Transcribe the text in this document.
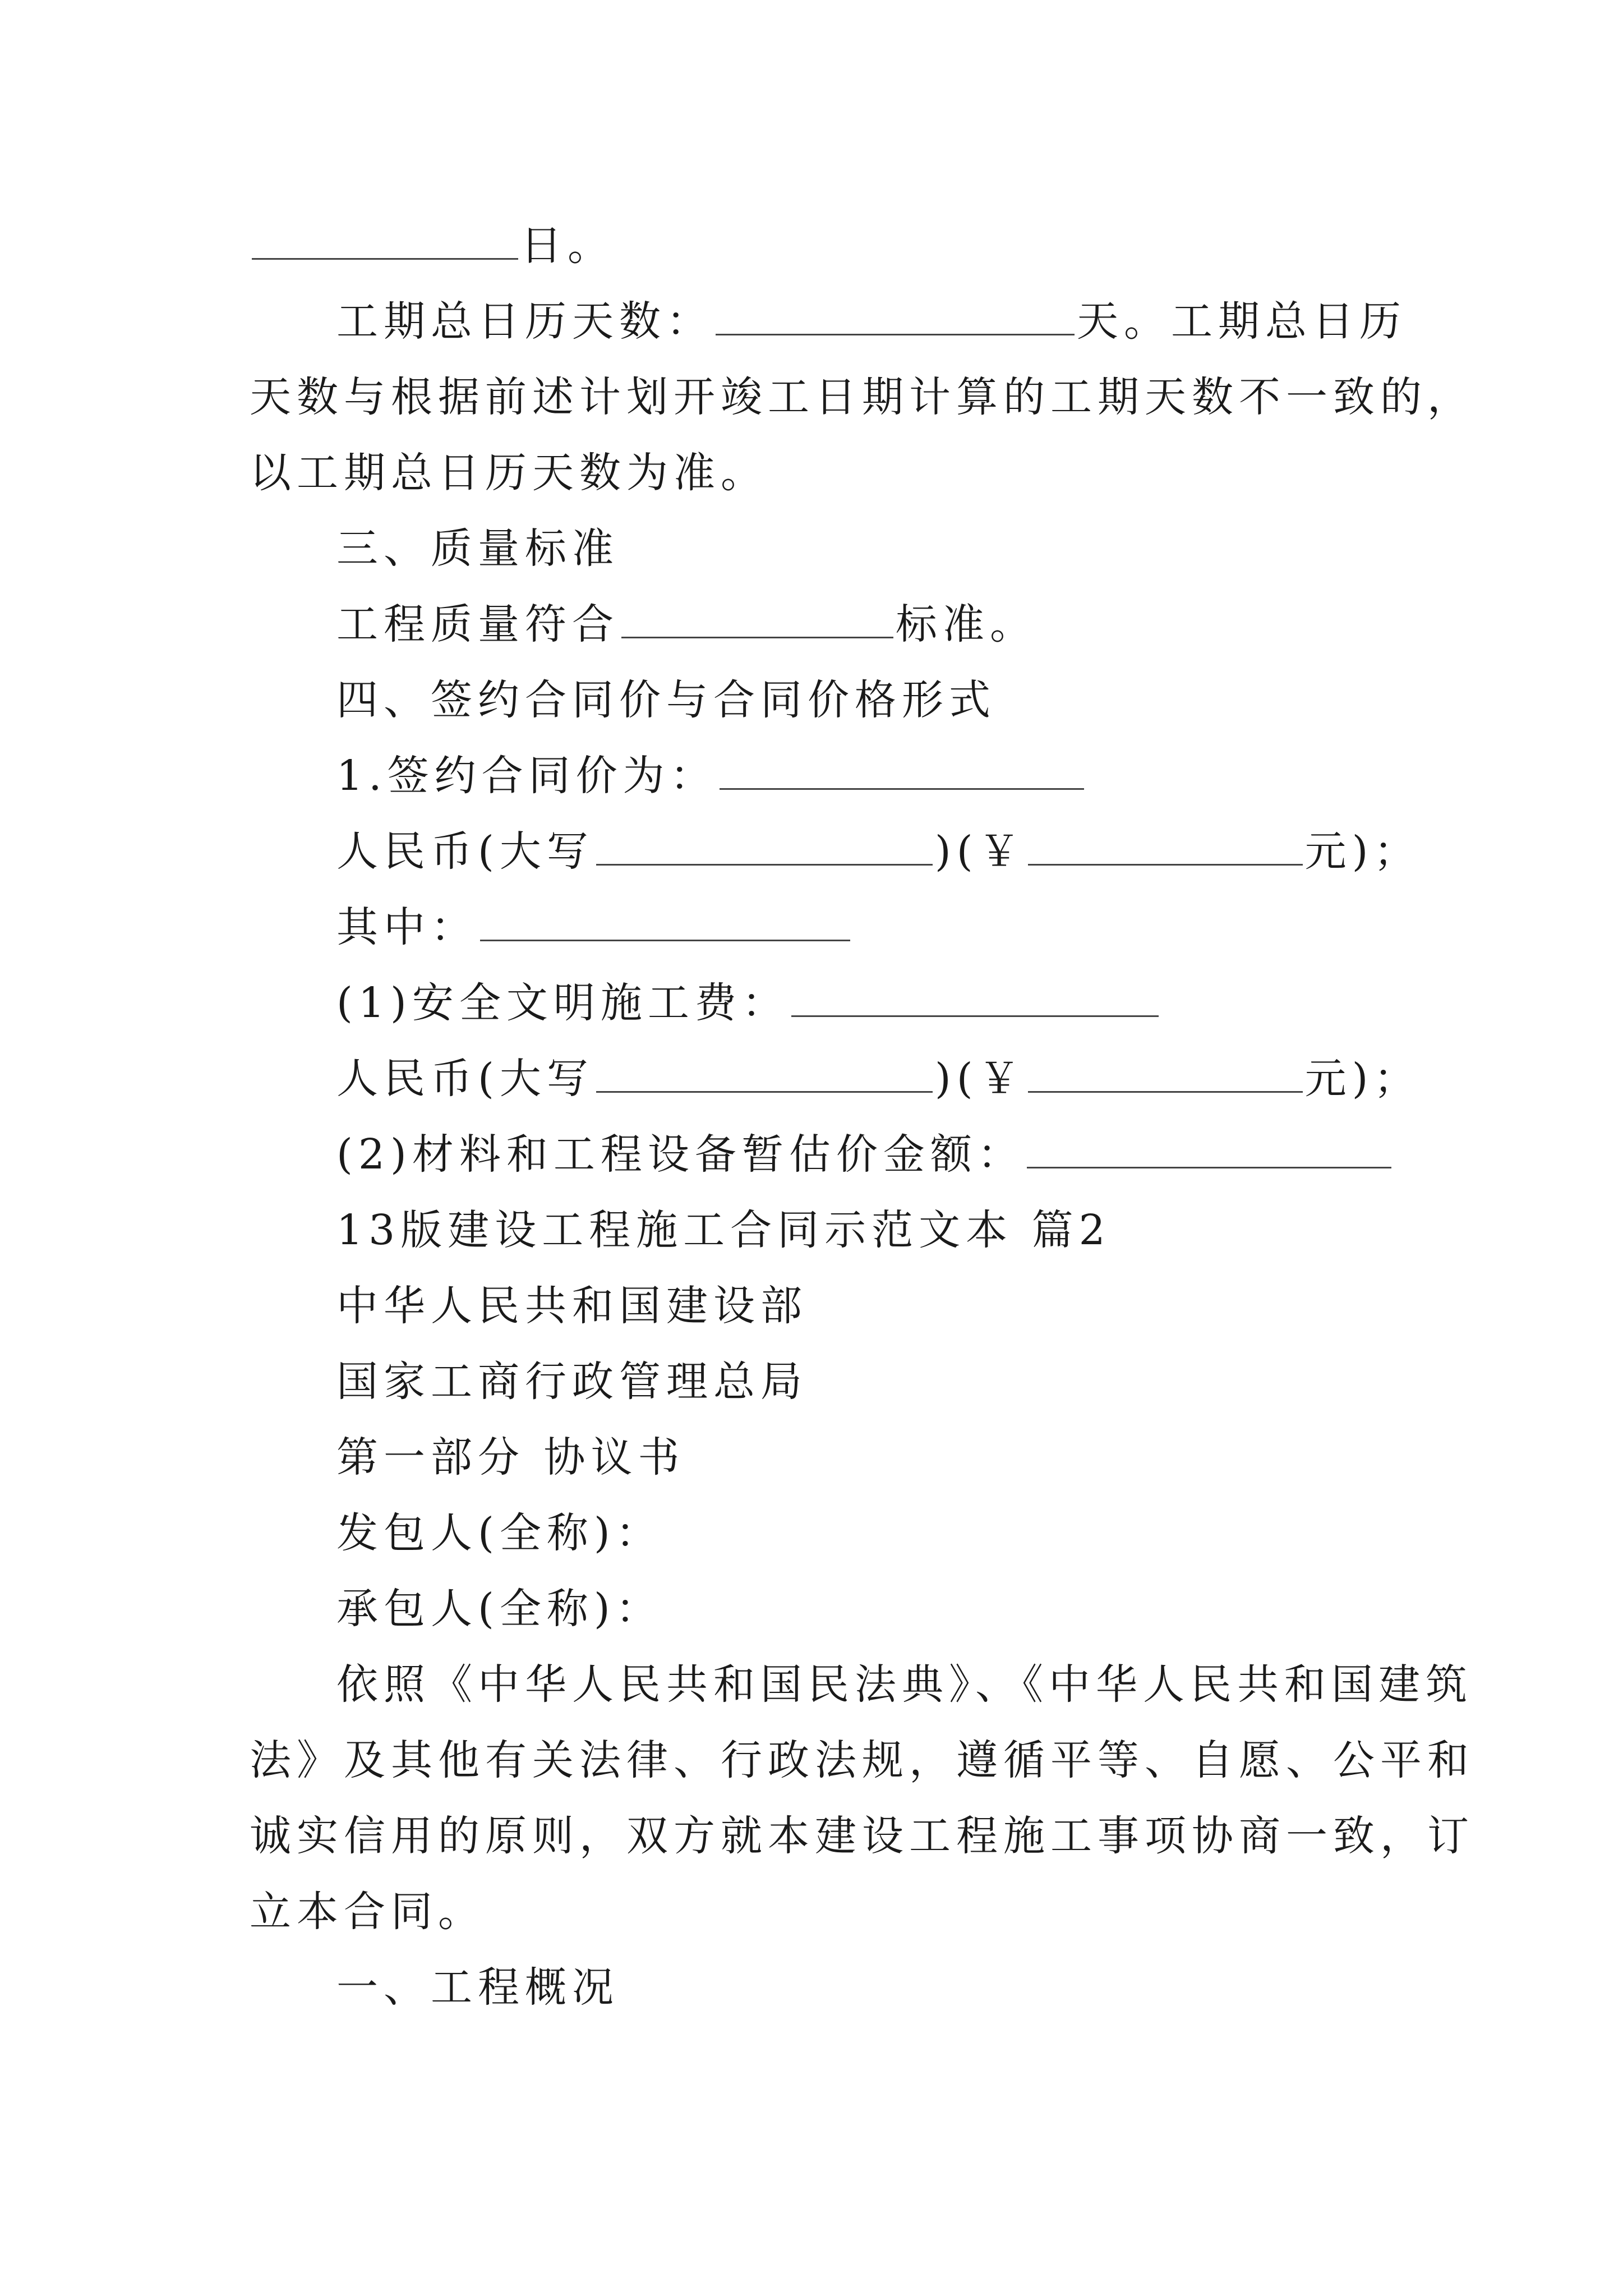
日。
工期总日历天数：	天。工期总日历
天数与根据前述计划开竣工日期计算的工期天数不一致的，
以工期总日历天数为准。
三、质量标准
工程质量符合	标准。
四、签约合同价与合同价格形式
1.签约合同价为：
人民币(大写	)(￥	元)；
其中：
(1)安全文明施工费：
人民币(大写	)(￥	元)；
(2)材料和工程设备暂估价金额：
13版建设工程施工合同示范文本 篇2
中华人民共和国建设部
国家工商行政管理总局
第一部分 协议书
发包人(全称)：
承包人(全称)：
依照《中华人民共和国民法典》、《中华人民共和国建筑
法》及其他有关法律、行政法规，遵循平等、自愿、公平和
诚实信用的原则，双方就本建设工程施工事项协商一致，订
立本合同。
一、工程概况
